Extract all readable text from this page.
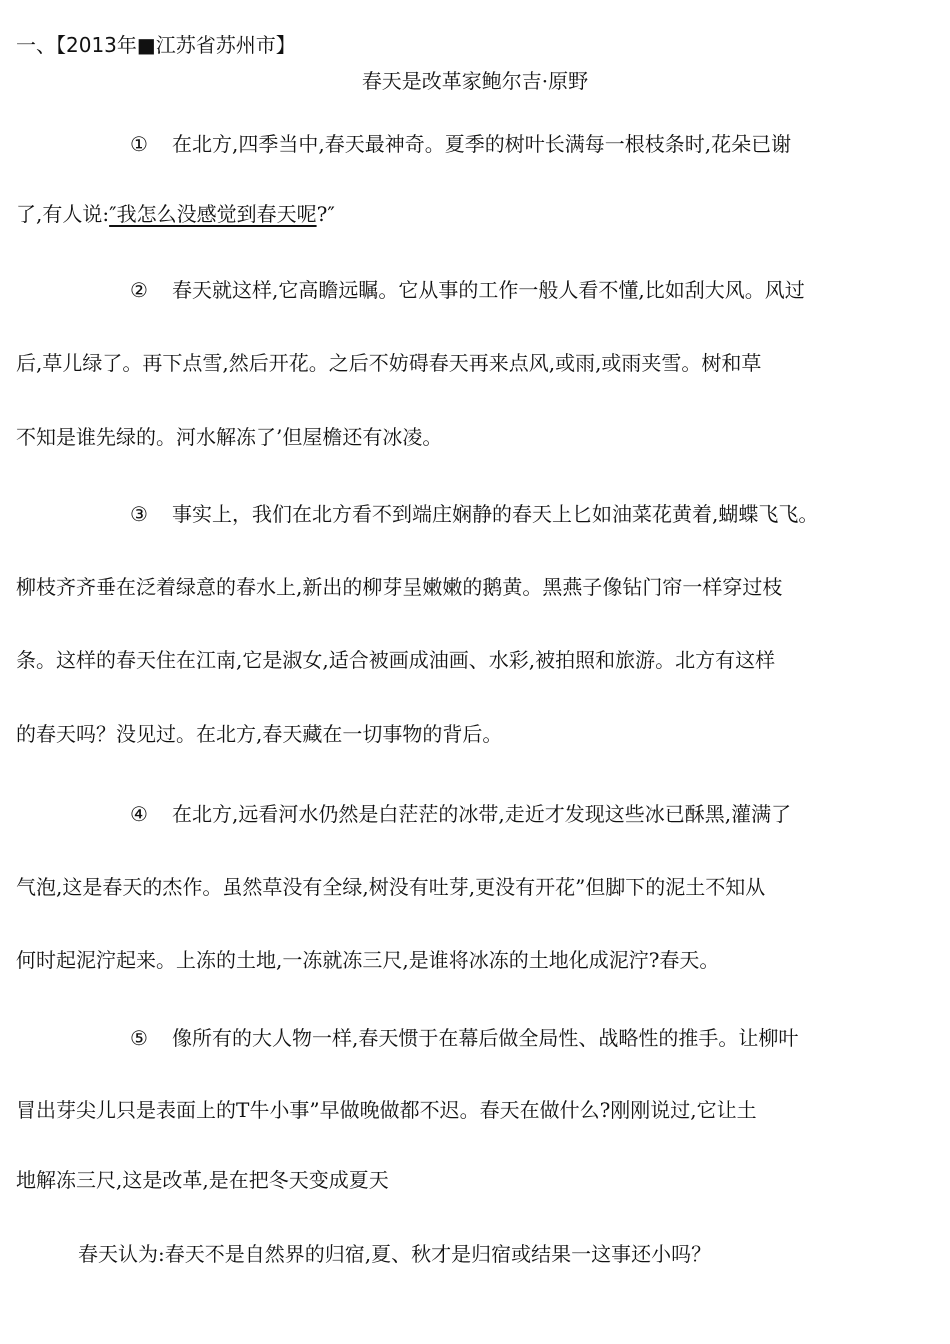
一、【2013年■江苏省苏州市】
春天是改革家鲍尔吉·原野
① 在北方,四季当中,春天最神奇。夏季的树叶长满每一根枝条时,花朵已谢
了,有人说:″我怎么没感觉到春天呢?″
② 春天就这样,它高瞻远瞩。它从事的工作一般人看不懂,比如刮大风。风过
后,草儿绿了。再下点雪,然后开花。之后不妨碍春天再来点风,或雨,或雨夹雪。树和草
不知是谁先绿的。河水解冻了’但屋檐还有冰凌。
③ 事实上，我们在北方看不到端庄娴静的春天上匕如油菜花黄着,蝴蝶飞飞。
柳枝齐齐垂在泛着绿意的春水上,新出的柳芽呈嫩嫩的鹅黄。黑燕子像钻门帘一样穿过枝
条。这样的春天住在江南,它是淑女,适合被画成油画、水彩,被拍照和旅游。北方有这样
的春天吗？没见过。在北方,春天藏在一切事物的背后。
④ 在北方,远看河水仍然是白茫茫的冰带,走近才发现这些冰已酥黑,灌满了
气泡,这是春天的杰作。虽然草没有全绿,树没有吐芽,更没有开花”但脚下的泥土不知从
何时起泥泞起来。上冻的土地,一冻就冻三尺,是谁将冰冻的土地化成泥泞?春天。
⑤ 像所有的大人物一样,春天惯于在幕后做全局性、战略性的推手。让柳叶
冒出芽尖儿只是表面上的T牛小事”早做晚做都不迟。春天在做什么?刚刚说过,它让土
地解冻三尺,这是改革,是在把冬天变成夏天
春天认为:春天不是自然界的归宿,夏、秋才是归宿或结果一这事还小吗？
